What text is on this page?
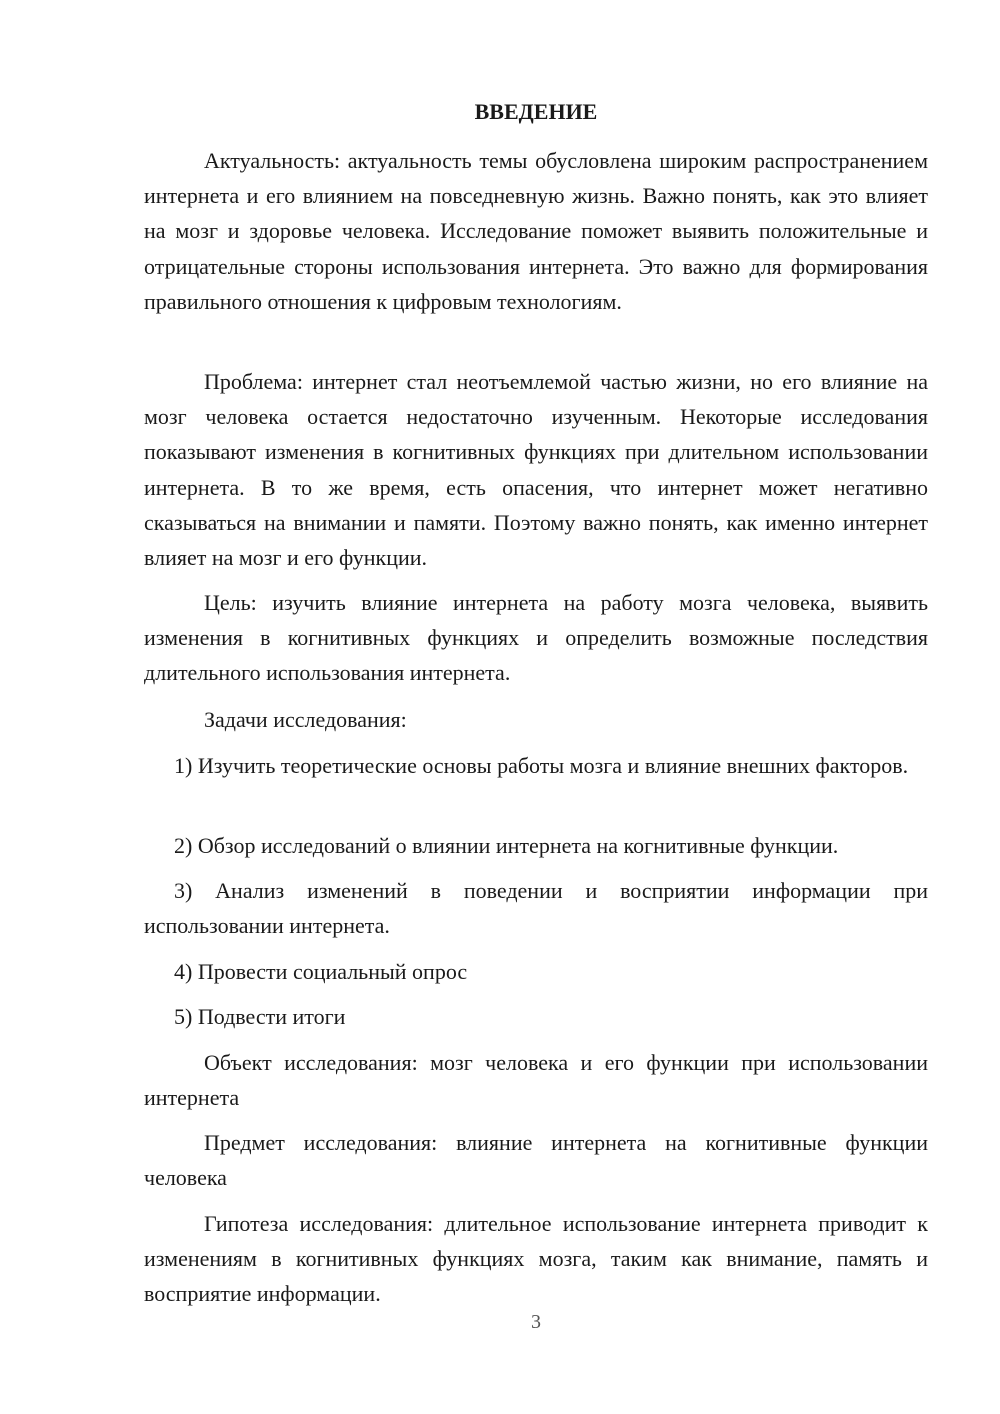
ВВЕДЕНИЕ

Актуальность: актуальность темы обусловлена широким распространением интернета и его влиянием на повседневную жизнь. Важно понять, как это влияет на мозг и здоровье человека. Исследование поможет выявить положительные и отрицательные стороны использования интернета. Это важно для формирования правильного отношения к цифровым технологиям.

Проблема: интернет стал неотъемлемой частью жизни, но его влияние на мозг человека остается недостаточно изученным. Некоторые исследования показывают изменения в когнитивных функциях при длительном использовании интернета. В то же время, есть опасения, что интернет может негативно сказываться на внимании и памяти. Поэтому важно понять, как именно интернет влияет на мозг и его функции.

Цель: изучить влияние интернета на работу мозга человека, выявить изменения в когнитивных функциях и определить возможные последствия длительного использования интернета.

Задачи исследования:

1) Изучить теоретические основы работы мозга и влияние внешних факторов.

2) Обзор исследований о влиянии интернета на когнитивные функции.

3) Анализ изменений в поведении и восприятии информации при использовании интернета.

4) Провести социальный опрос

5) Подвести итоги

Объект исследования: мозг человека и его функции при использовании интернета

Предмет исследования: влияние интернета на когнитивные функции человека

Гипотеза исследования: длительное использование интернета приводит к изменениям в когнитивных функциях мозга, таким как внимание, память и восприятие информации.

3
